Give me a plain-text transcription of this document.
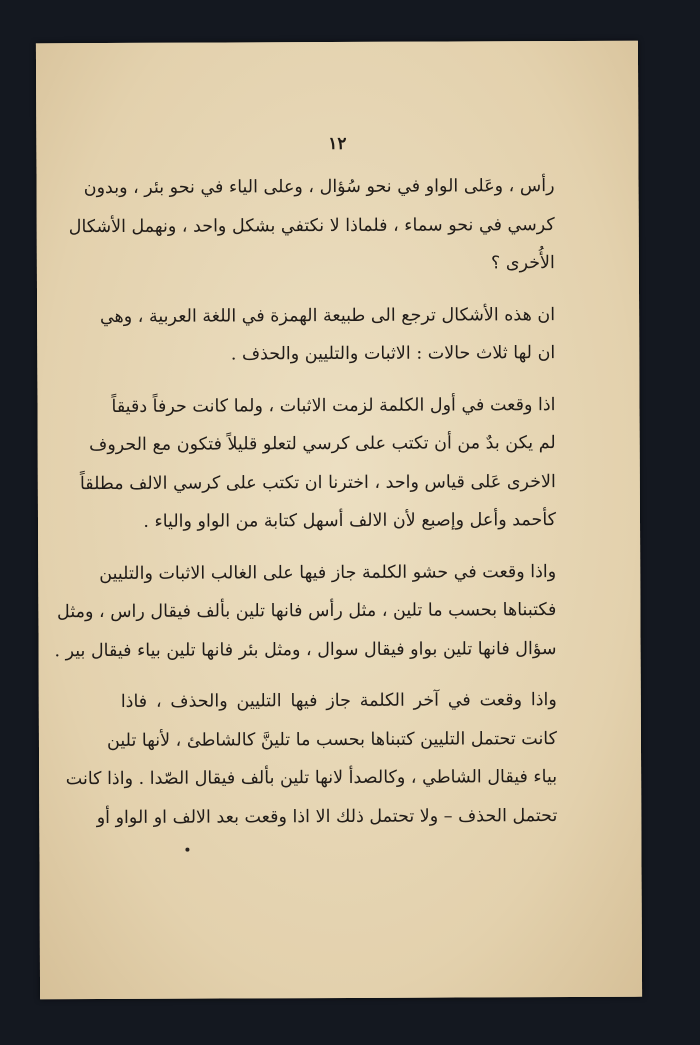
١٢
رأس ، وعَلى الواو في نحو سُؤال ، وعلى الياء في نحو بئر ، وبدون
كرسي في نحو سماء ، فلماذا لا نكتفي بشكل واحد ، ونهمل الأشكال
الأُخرى ؟
ان هذه الأشكال ترجع الى طبيعة الهمزة في اللغة العربية ، وهي
ان لها ثلاث حالات : الاثبات والتليين والحذف .
اذا وقعت في أول الكلمة لزمت الاثبات ، ولما كانت حرفاً دقيقاً
لم يكن بدٌ من أن تكتب على كرسي لتعلو قليلاً فتكون مع الحروف
الاخرى عَلى قياس واحد ، اخترنا ان تكتب على كرسي الالف مطلقاً
كأحمد وأعل وإصبع لأن الالف أسهل كتابة من الواو والياء .
واذا وقعت في حشو الكلمة جاز فيها على الغالب الاثبات والتليين
فكتبناها بحسب ما تلين ، مثل رأس فانها تلين بألف فيقال راس ، ومثل
سؤال فانها تلين بواو فيقال سوال ، ومثل بئر فانها تلين بياء فيقال بير .
واذا وقعت في آخر الكلمة جاز فيها التليين والحذف ، فاذا
كانت تحتمل التليين كتبناها بحسب ما تلينَّ كالشاطئ ، لأنها تلين
بياء فيقال الشاطي ، وكالصدأ لانها تلين بألف فيقال الصّدا . واذا كانت
تحتمل الحذف – ولا تحتمل ذلك الا اذا وقعت بعد الالف او الواو أو
